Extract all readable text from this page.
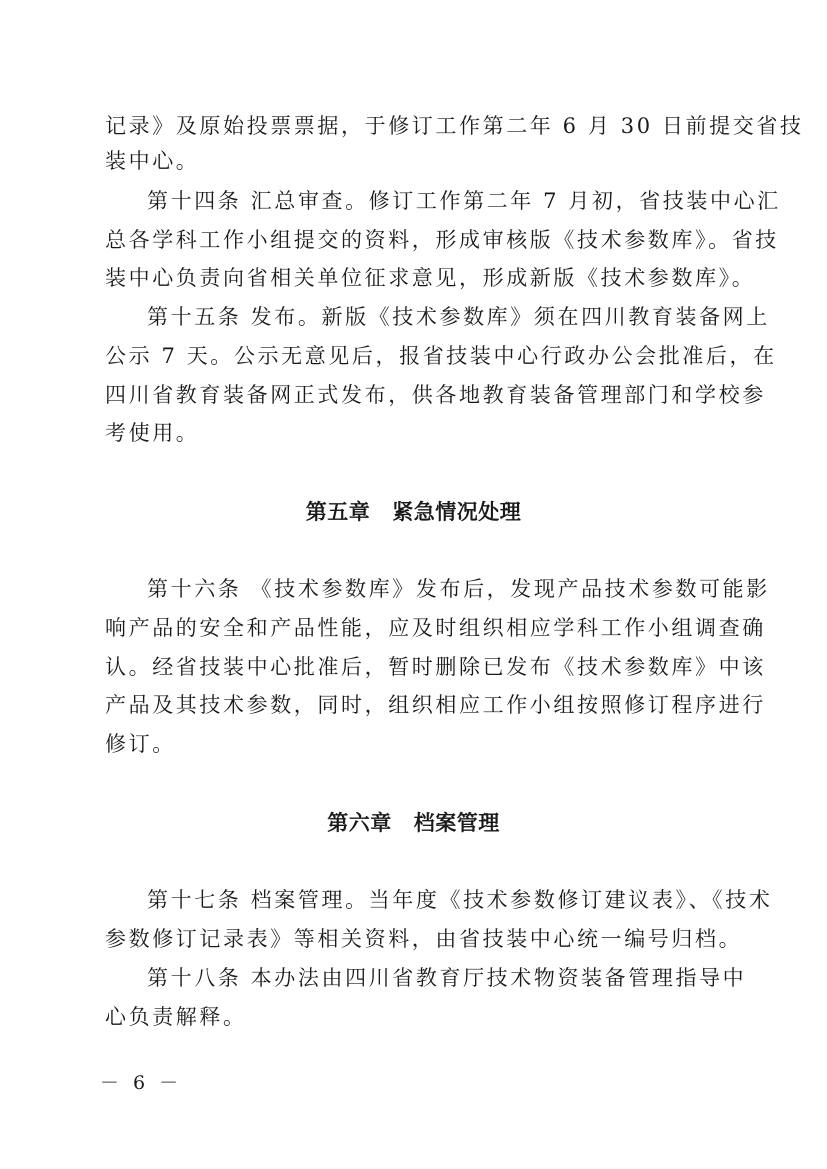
记录》及原始投票票据，于修订工作第二年 6 月 30 日前提交省技
装中心。
第十四条 汇总审查。修订工作第二年 7 月初，省技装中心汇
总各学科工作小组提交的资料，形成审核版《技术参数库》。省技
装中心负责向省相关单位征求意见，形成新版《技术参数库》。
第十五条 发布。新版《技术参数库》须在四川教育装备网上
公示 7 天。公示无意见后，报省技装中心行政办公会批准后，在
四川省教育装备网正式发布，供各地教育装备管理部门和学校参
考使用。
第五章 紧急情况处理
第十六条 《技术参数库》发布后，发现产品技术参数可能影
响产品的安全和产品性能，应及时组织相应学科工作小组调查确
认。经省技装中心批准后，暂时删除已发布《技术参数库》中该
产品及其技术参数，同时，组织相应工作小组按照修订程序进行
修订。
第六章 档案管理
第十七条 档案管理。当年度《技术参数修订建议表》、《技术
参数修订记录表》等相关资料，由省技装中心统一编号归档。
第十八条 本办法由四川省教育厅技术物资装备管理指导中
心负责解释。
－ 6 －
